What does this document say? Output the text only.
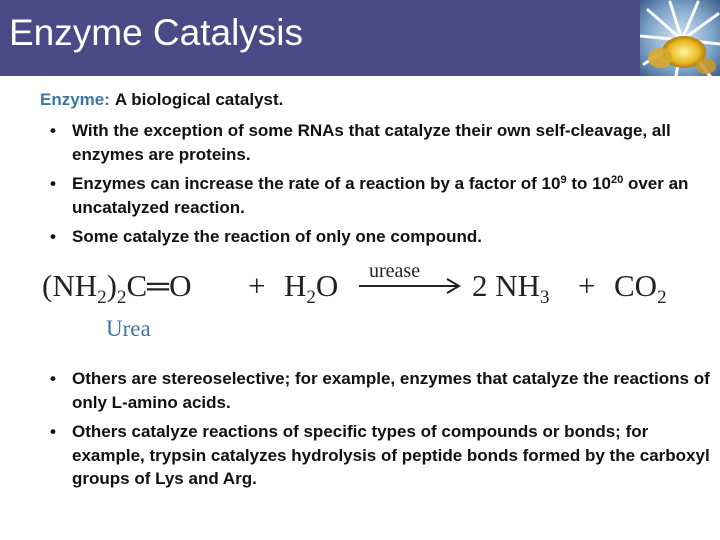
Enzyme Catalysis
Enzyme: A biological catalyst.
• With the exception of some RNAs that catalyze their own self-cleavage, all enzymes are proteins.
• Enzymes can increase the rate of a reaction by a factor of $10^9$ to $10^{20}$ over an uncatalyzed reaction.
• Some catalyze the reaction of only one compound.
$(NH_2)_2C═O + H_2O$ urease 2 $NH_3 + CO_2$
Urea
• Others are stereoselective; for example, enzymes that catalyze the reactions of only L-amino acids.
• Others catalyze reactions of specific types of compounds or bonds; for example, trypsin catalyzes hydrolysis of peptide bonds formed by the carboxyl groups of Lys and Arg.
